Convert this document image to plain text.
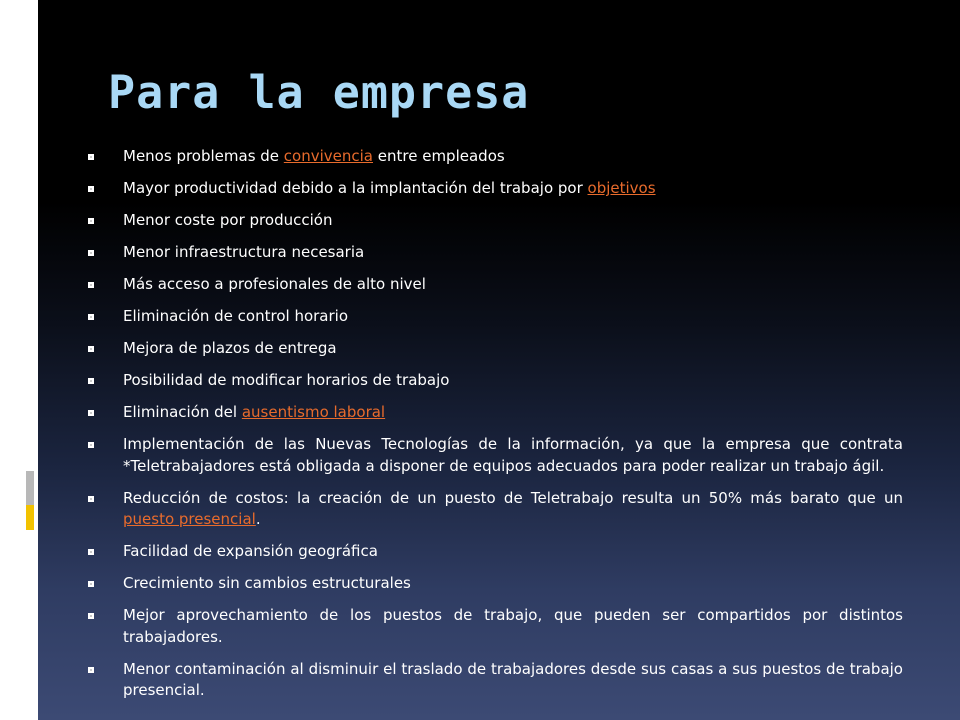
Para la empresa
Menos problemas de convivencia entre empleados
Mayor productividad debido a la implantación del trabajo por objetivos
Menor coste por producción
Menor infraestructura necesaria
Más acceso a profesionales de alto nivel
Eliminación de control horario
Mejora de plazos de entrega
Posibilidad de modificar horarios de trabajo
Eliminación del ausentismo laboral
Implementación de las Nuevas Tecnologías de la información, ya que la empresa que contrata *Teletrabajadores está obligada a disponer de equipos adecuados para poder realizar un trabajo ágil.
Reducción de costos: la creación de un puesto de Teletrabajo resulta un 50% más barato que un puesto presencial.
Facilidad de expansión geográfica
Crecimiento sin cambios estructurales
Mejor aprovechamiento de los puestos de trabajo, que pueden ser compartidos por distintos trabajadores.
Menor contaminación al disminuir el traslado de trabajadores desde sus casas a sus puestos de trabajo presencial.
